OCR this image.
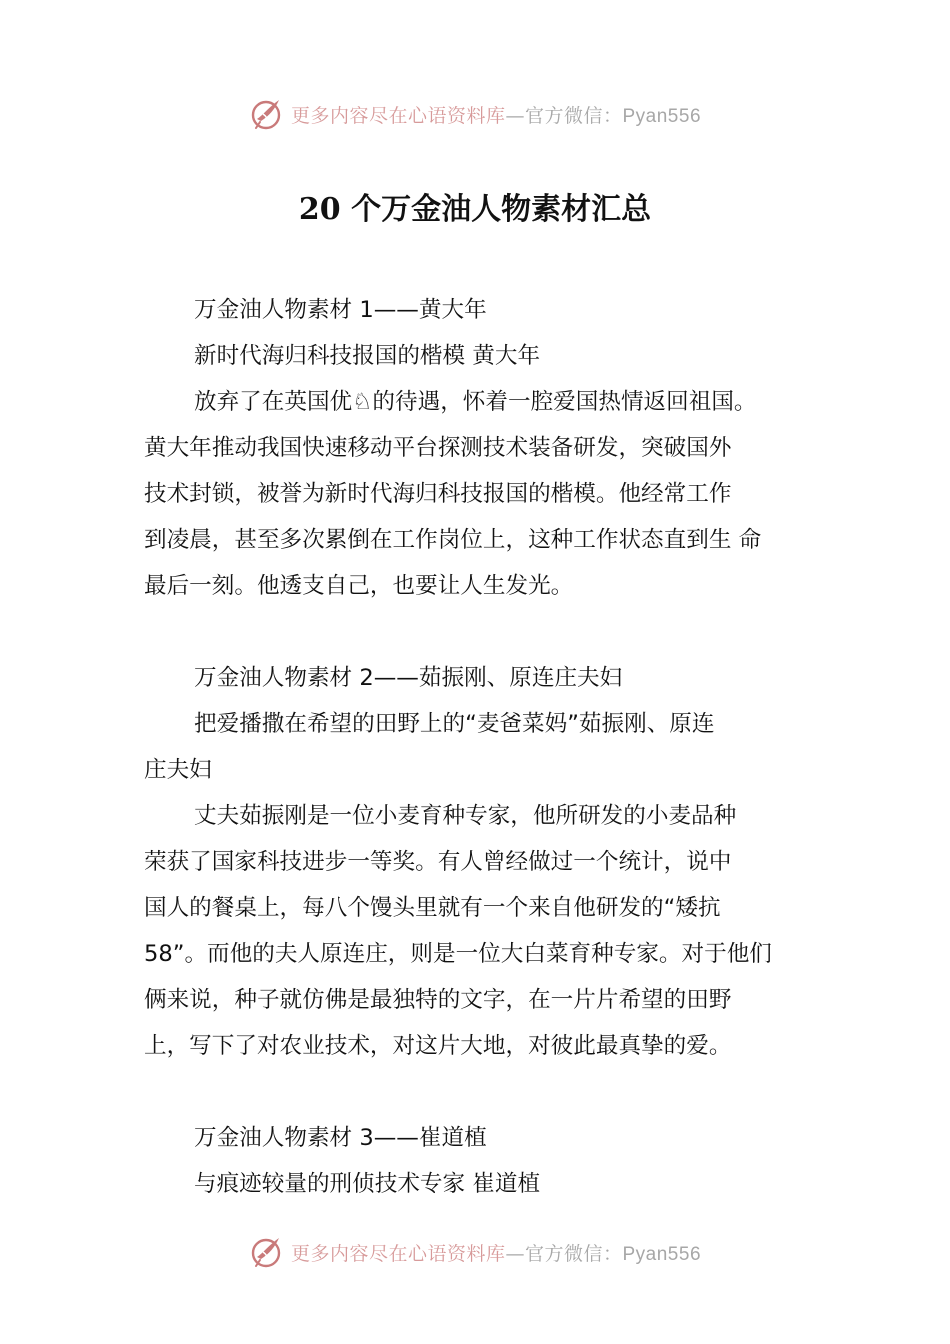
更多内容尽在心语资料库—官方微信：Pyan556
20 个万金油人物素材汇总

万金油人物素材 1——黄大年

新时代海归科技报国的楷模 黄大年

放弃了在英国优♘的待遇，怀着一腔爱国热情返回祖国。
黄大年推动我国快速移动平台探测技术装备研发，突破国外
技术封锁，被誉为新时代海归科技报国的楷模。他经常工作
到凌晨，甚至多次累倒在工作岗位上，这种工作状态直到生 命
最后一刻。他透支自己，也要让人生发光。

万金油人物素材 2——茹振刚、原连庄夫妇

把爱播撒在希望的田野上的“麦爸菜妈”茹振刚、原连
庄夫妇
丈夫茹振刚是一位小麦育种专家，他所研发的小麦品种
荣获了国家科技进步一等奖。有人曾经做过一个统计，说中
国人的餐桌上，每八个馒头里就有一个来自他研发的“矮抗
58”。而他的夫人原连庄，则是一位大白菜育种专家。对于他们
俩来说，种子就仿佛是最独特的文字，在一片片希望的田野
上，写下了对农业技术，对这片大地，对彼此最真挚的爱。

万金油人物素材 3——崔道植

与痕迹较量的刑侦技术专家 崔道植

更多内容尽在心语资料库—官方微信：Pyan556
